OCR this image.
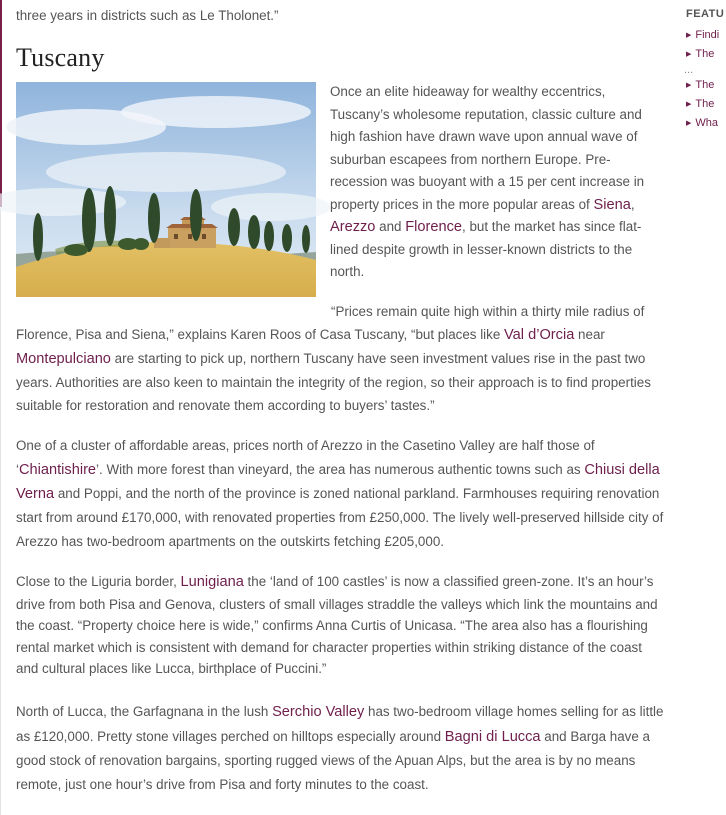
three years in districts such as Le Tholonet.”

Tuscany

Once an elite hideaway for wealthy eccentrics, Tuscany’s wholesome reputation, classic culture and high fashion have drawn wave upon annual wave of suburban escapees from northern Europe. Pre-recession was buoyant with a 15 per cent increase in property prices in the more popular areas of Siena, Arezzo and Florence, but the market has since flat-lined despite growth in lesser-known districts to the north.

“Prices remain quite high within a thirty mile radius of Florence, Pisa and Siena,” explains Karen Roos of Casa Tuscany, “but places like Val d’Orcia near Montepulciano are starting to pick up, northern Tuscany have seen investment values rise in the past two years. Authorities are also keen to maintain the integrity of the region, so their approach is to find properties suitable for restoration and renovate them according to buyers’ tastes.”

One of a cluster of affordable areas, prices north of Arezzo in the Casetino Valley are half those of ‘Chiantishire’. With more forest than vineyard, the area has numerous authentic towns such as Chiusi della Verna and Poppi, and the north of the province is zoned national parkland. Farmhouses requiring renovation start from around £170,000, with renovated properties from £250,000. The lively well-preserved hillside city of Arezzo has two-bedroom apartments on the outskirts fetching £205,000.

Close to the Liguria border, Lunigiana the ‘land of 100 castles’ is now a classified green-zone. It’s an hour’s drive from both Pisa and Genova, clusters of small villages straddle the valleys which link the mountains and the coast. “Property choice here is wide,” confirms Anna Curtis of Unicasa. “The area also has a flourishing rental market which is consistent with demand for character properties within striking distance of the coast and cultural places like Lucca, birthplace of Puccini.”

North of Lucca, the Garfagnana in the lush Serchio Valley has two-bedroom village homes selling for as little as £120,000. Pretty stone villages perched on hilltops especially around Bagni di Lucca and Barga have a good stock of renovation bargains, sporting rugged views of the Apuan Alps, but the area is by no means remote, just one hour’s drive from Pisa and forty minutes to the coast.

FEATU
▶ Findi
▶ The
...
▶ The
▶ The
▶ Wha
